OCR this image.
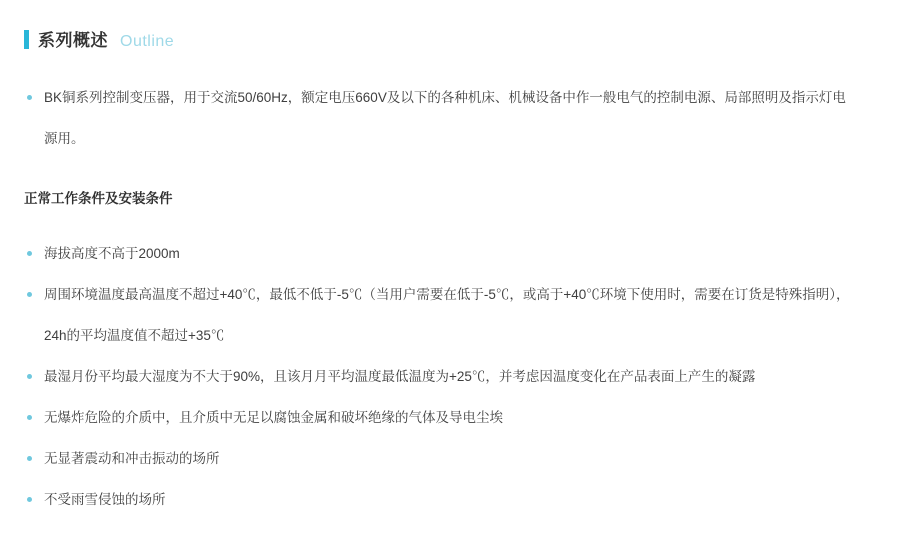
系列概述 Outline
BK铜系列控制变压器，用于交流50/60Hz，额定电压660V及以下的各种机床、机械设备中作一般电气的控制电源、局部照明及指示灯电源用。
正常工作条件及安装条件
海拔高度不高于2000m
周围环境温度最高温度不超过+40℃，最低不低于-5℃（当用户需要在低于-5℃，或高于+40℃环境下使用时，需要在订货是特殊指明），24h的平均温度值不超过+35℃
最湿月份平均最大湿度为不大于90%，且该月月平均温度最低温度为+25℃，并考虑因温度变化在产品表面上产生的凝露
无爆炸危险的介质中，且介质中无足以腐蚀金属和破坏绝缘的气体及导电尘埃
无显著震动和冲击振动的场所
不受雨雪侵蚀的场所
